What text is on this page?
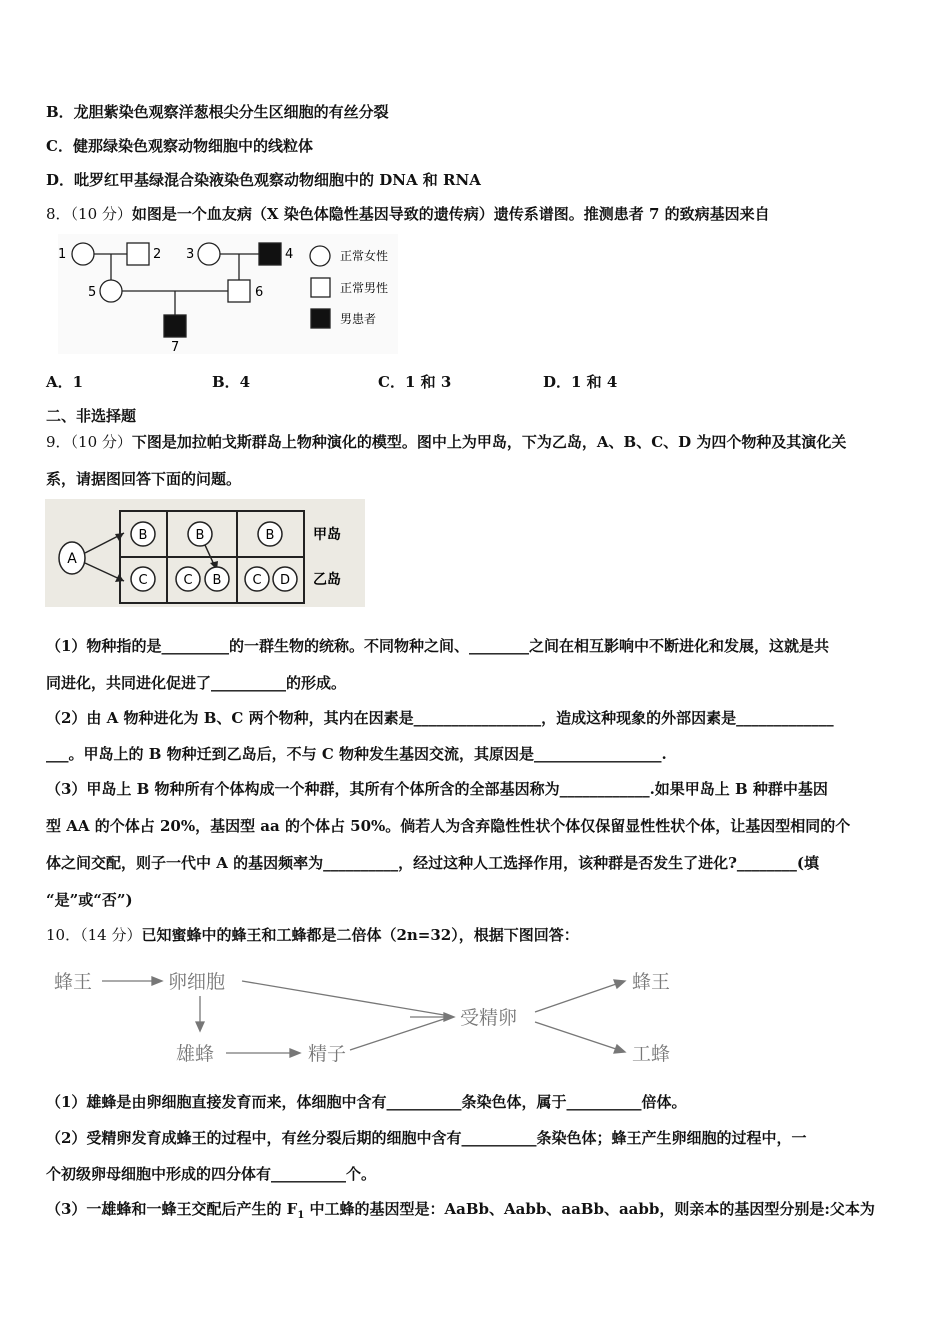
B．龙胆紫染色观察洋葱根尖分生区细胞的有丝分裂
C．健那绿染色观察动物细胞中的线粒体
D．吡罗红甲基绿混合染液染色观察动物细胞中的 DNA 和 RNA
8．（10 分）如图是一个血友病（X 染色体隐性基因导致的遗传病）遗传系谱图。推测患者 7 的致病基因来自
1	2 3	4
5	6
7
正常女性
正常男性
男患者
A．1	B．4	C．1 和 3	D．1 和 4
二、非选择题
9．（10 分）下图是加拉帕戈斯群岛上物种演化的模型。图中上为甲岛，下为乙岛，A、B、C、D 为四个物种及其演化关
系，请据图回答下面的问题。
A
B	B	B
C	C B C D
甲岛
乙岛
（1）物种指的是_________的一群生物的统称。不同物种之间、________之间在相互影响中不断进化和发展，这就是共
同进化，共同进化促进了__________的形成。
（2）由 A 物种进化为 B、C 两个物种，其内在因素是_________________，造成这种现象的外部因素是_____________
___。甲岛上的 B 物种迁到乙岛后，不与 C 物种发生基因交流，其原因是_________________.
（3）甲岛上 B 物种所有个体构成一个种群，其所有个体所含的全部基因称为____________.如果甲岛上 B 种群中基因
型 AA 的个体占 20%，基因型 aa 的个体占 50%。倘若人为含弃隐性性状个体仅保留显性性状个体，让基因型相同的个
体之间交配，则子一代中 A 的基因频率为__________，经过这种人工选择作用，该种群是否发生了进化?________(填
“是”或“否”)
10．（14 分）已知蜜蜂中的蜂王和工蜂都是二倍体（2n=32），根据下图回答：
蜂王	卵细胞
雄蜂	精子
受精卵
蜂王
工蜂
（1）雄蜂是由卵细胞直接发育而来，体细胞中含有__________条染色体，属于__________倍体。
（2）受精卵发育成蜂王的过程中，有丝分裂后期的细胞中含有__________条染色体；蜂王产生卵细胞的过程中，一
个初级卵母细胞中形成的四分体有__________个。
（3）一雄蜂和一蜂王交配后产生的 $F_1$ 中工蜂的基因型是：AaBb、Aabb、aaBb、aabb，则亲本的基因型分别是:父本为
